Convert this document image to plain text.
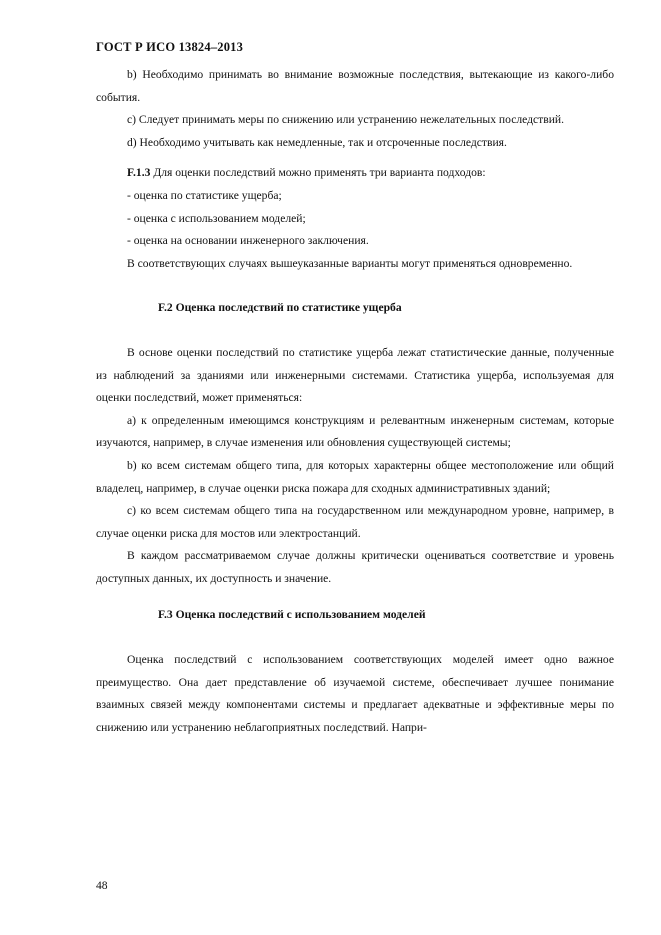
ГОСТ Р ИСО 13824–2013

b) Необходимо принимать во внимание возможные последствия, вытекающие из какого-либо события.

c) Следует принимать меры по снижению или устранению нежелательных последствий.

d) Необходимо учитывать как немедленные, так и отсроченные последствия.

F.1.3 Для оценки последствий можно применять три варианта подходов:

- оценка по статистике ущерба;

- оценка с использованием моделей;

- оценка на основании инженерного заключения.

В соответствующих случаях вышеуказанные варианты могут применяться одновременно.

F.2 Оценка последствий по статистике ущерба

В основе оценки последствий по статистике ущерба лежат статистические данные, полученные из наблюдений за зданиями или инженерными системами. Статистика ущерба, используемая для оценки последствий, может применяться:

a) к определенным имеющимся конструкциям и релевантным инженерным системам, которые изучаются, например, в случае изменения или обновления существующей системы;

b) ко всем системам общего типа, для которых характерны общее местоположение или общий владелец, например, в случае оценки риска пожара для сходных административных зданий;

c) ко всем системам общего типа на государственном или международном уровне, например, в случае оценки риска для мостов или электростанций.

В каждом рассматриваемом случае должны критически оцениваться соответствие и уровень доступных данных, их доступность и значение.

F.3 Оценка последствий с использованием моделей

Оценка последствий с использованием соответствующих моделей имеет одно важное преимущество. Она дает представление об изучаемой системе, обеспечивает лучшее понимание взаимных связей между компонентами системы и предлагает адекватные и эффективные меры по снижению или устранению неблагоприятных последствий. Напри-

48
